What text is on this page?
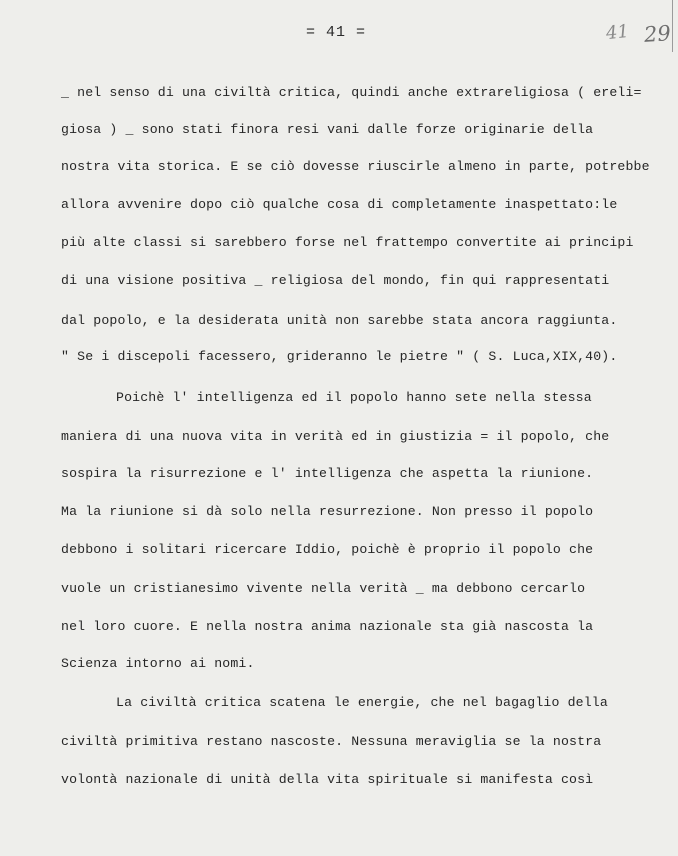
= 41 =	41 29
_ nel senso di una civiltà critica, quindi anche extrareligiosa ( ereli=
giosa ) _ sono stati finora resi vani dalle forze originarie della
nostra vita storica. E se ciò dovesse riuscirle almeno in parte, potrebbe
allora avvenire dopo ciò qualche cosa di completamente inaspettato:le
più alte classi si sarebbero forse nel frattempo convertite ai principi
di una visione positiva _ religiosa del mondo, fin qui rappresentati
dal popolo, e la desiderata unità non sarebbe stata ancora raggiunta.
" Se i discepoli facessero, grideranno le pietre " ( S. Luca,XIX,40).
Poichè l' intelligenza ed il popolo hanno sete nella stessa
maniera di una nuova vita in verità ed in giustizia = il popolo, che
sospira la risurrezione e l' intelligenza che aspetta la riunione.
Ma la riunione si dà solo nella resurrezione. Non presso il popolo
debbono i solitari ricercare Iddio, poichè è proprio il popolo che
vuole un cristianesimo vivente nella verità _ ma debbono cercarlo
nel loro cuore. E nella nostra anima nazionale sta già nascosta la
Scienza intorno ai nomi.
La civiltà critica scatena le energie, che nel bagaglio della
civiltà primitiva restano nascoste. Nessuna meraviglia se la nostra
volontà nazionale di unità della vita spirituale si manifesta così
